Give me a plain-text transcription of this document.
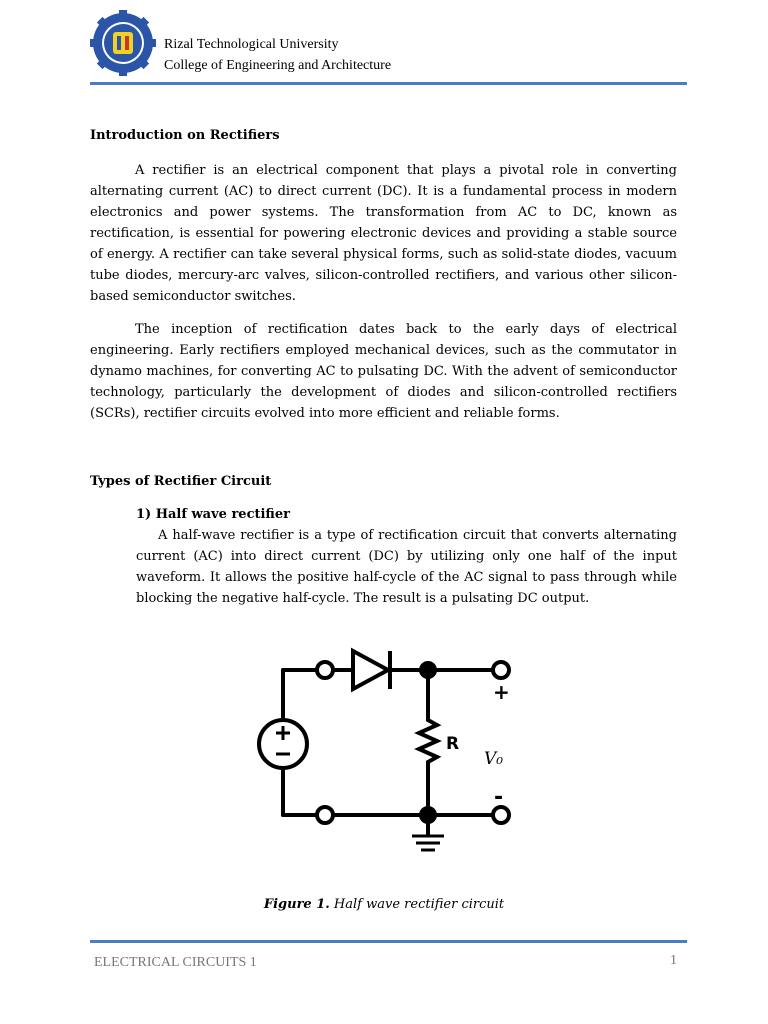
Rizal Technological University
College of Engineering and Architecture
Introduction on Rectifiers

A rectifier is an electrical component that plays a pivotal role in converting alternating current (AC) to direct current (DC). It is a fundamental process in modern electronics and power systems. The transformation from AC to DC, known as rectification, is essential for powering electronic devices and providing a stable source of energy. A rectifier can take several physical forms, such as solid-state diodes, vacuum tube diodes, mercury-arc valves, silicon-controlled rectifiers, and various other silicon-based semiconductor switches.

The inception of rectification dates back to the early days of electrical engineering. Early rectifiers employed mechanical devices, such as the commutator in dynamo machines, for converting AC to pulsating DC. With the advent of semiconductor technology, particularly the development of diodes and silicon-controlled rectifiers (SCRs), rectifier circuits evolved into more efficient and reliable forms.

Types of Rectifier Circuit
1) Half wave rectifier

A half-wave rectifier is a type of rectification circuit that converts alternating current (AC) into direct current (DC) by utilizing only one half of the input waveform. It allows the positive half-cycle of the AC signal to pass through while blocking the negative half-cycle. The result is a pulsating DC output.

R
V₀
+
-
Figure 1. Half wave rectifier circuit
ELECTRICAL CIRCUITS 1	1
